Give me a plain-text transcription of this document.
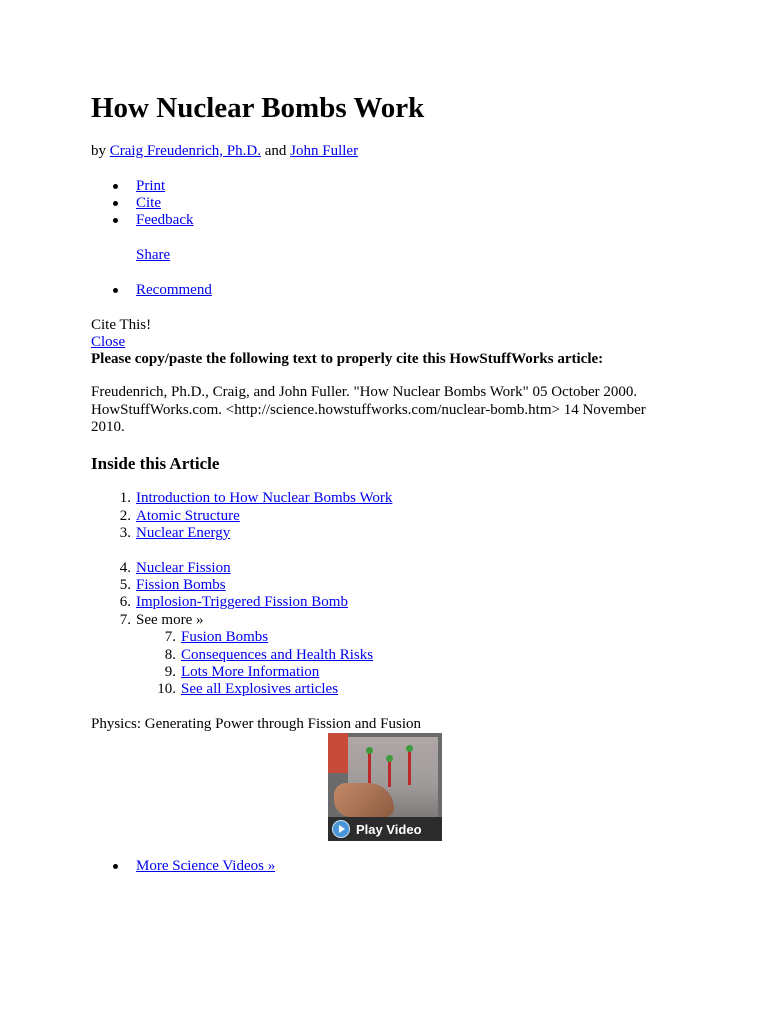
How Nuclear Bombs Work
by Craig Freudenrich, Ph.D. and John Fuller
Print
Cite
Feedback
Share
Recommend
Cite This!
Close
Please copy/paste the following text to properly cite this HowStuffWorks article:
Freudenrich, Ph.D., Craig, and John Fuller. "How Nuclear Bombs Work" 05 October 2000. HowStuffWorks.com. <http://science.howstuffworks.com/nuclear-bomb.htm> 14 November 2010.
Inside this Article
1. Introduction to How Nuclear Bombs Work
2. Atomic Structure
3. Nuclear Energy
4. Nuclear Fission
5. Fission Bombs
6. Implosion-Triggered Fission Bomb
7. See more »
7. Fusion Bombs
8. Consequences and Health Risks
9. Lots More Information
10. See all Explosives articles
Physics: Generating Power through Fission and Fusion
Play Video
More Science Videos »
